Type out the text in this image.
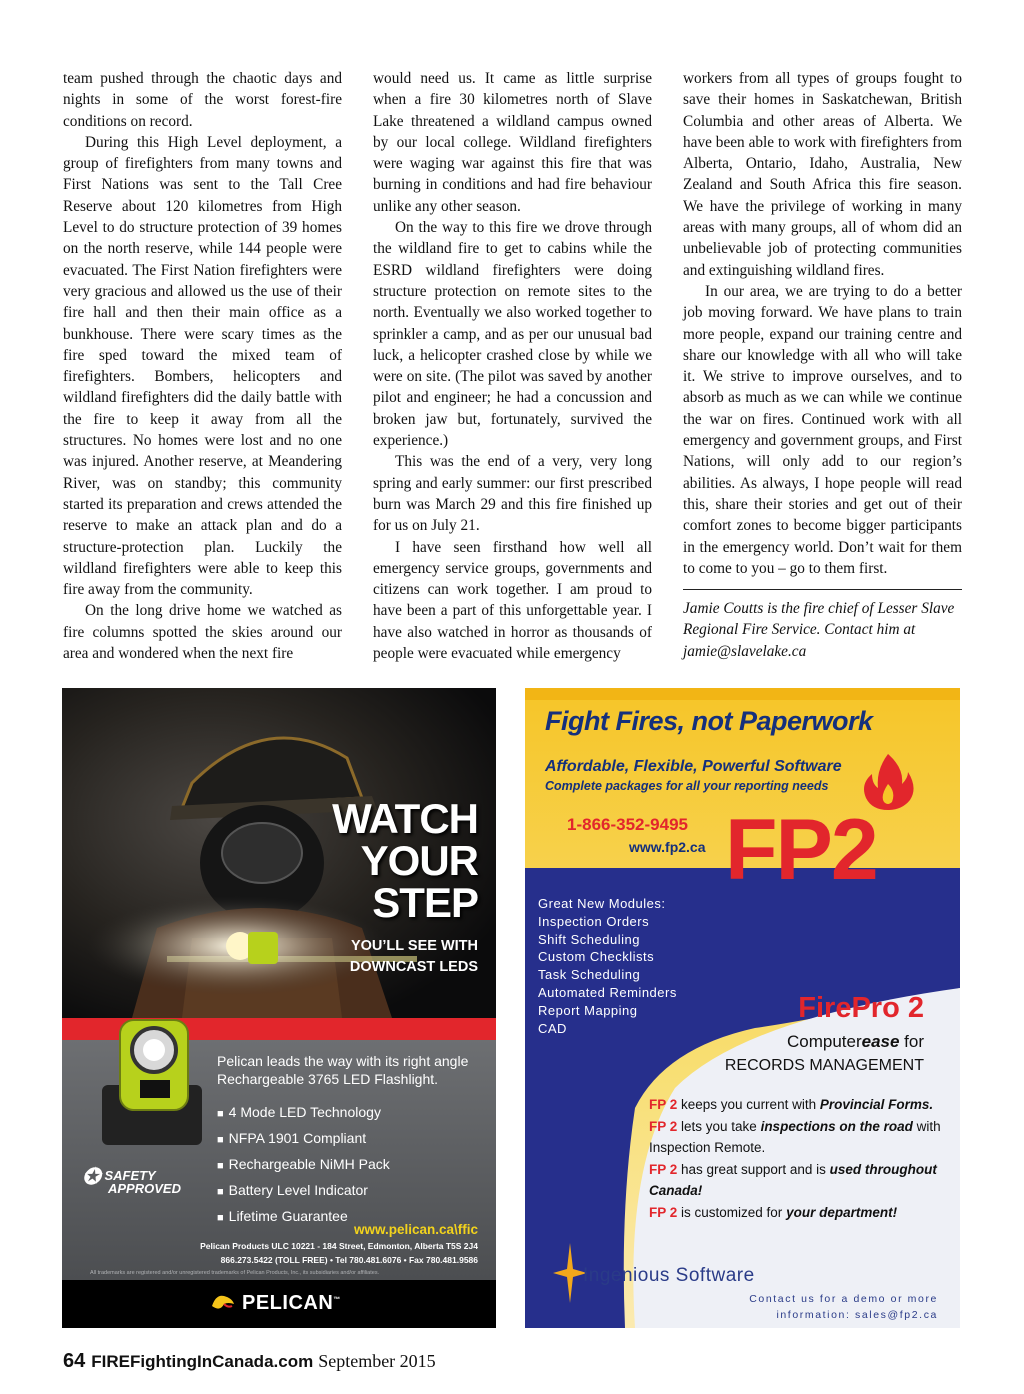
team pushed through the chaotic days and nights in some of the worst forest-fire conditions on record.

During this High Level deployment, a group of firefighters from many towns and First Nations was sent to the Tall Cree Reserve about 120 kilometres from High Level to do structure protection of 39 homes on the north reserve, while 144 people were evacuated. The First Nation firefighters were very gracious and allowed us the use of their fire hall and then their main office as a bunkhouse. There were scary times as the fire sped toward the mixed team of firefighters. Bombers, helicopters and wildland firefighters did the daily battle with the fire to keep it away from all the structures. No homes were lost and no one was injured. Another reserve, at Meandering River, was on standby; this community started its preparation and crews attended the reserve to make an attack plan and do a structure-protection plan. Luckily the wildland firefighters were able to keep this fire away from the community.

On the long drive home we watched as fire columns spotted the skies around our area and wondered when the next fire

would need us. It came as little surprise when a fire 30 kilometres north of Slave Lake threatened a wildland campus owned by our local college. Wildland firefighters were waging war against this fire that was burning in conditions and had fire behaviour unlike any other season.

On the way to this fire we drove through the wildland fire to get to cabins while the ESRD wildland firefighters were doing structure protection on remote sites to the north. Eventually we also worked together to sprinkler a camp, and as per our unusual bad luck, a helicopter crashed close by while we were on site. (The pilot was saved by another pilot and engineer; he had a concussion and broken jaw but, fortunately, survived the experience.)

This was the end of a very, very long spring and early summer: our first prescribed burn was March 29 and this fire finished up for us on July 21.

I have seen firsthand how well all emergency service groups, governments and citizens can work together. I am proud to have been a part of this unforgettable year. I have also watched in horror as thousands of people were evacuated while emergency

workers from all types of groups fought to save their homes in Saskatchewan, British Columbia and other areas of Alberta. We have been able to work with firefighters from Alberta, Ontario, Idaho, Australia, New Zealand and South Africa this fire season. We have the privilege of working in many areas with many groups, all of whom did an unbelievable job of protecting communities and extinguishing wildland fires.

In our area, we are trying to do a better job moving forward. We have plans to train more people, expand our training centre and share our knowledge with all who will take it. We strive to improve ourselves, and to absorb as much as we can while we continue the war on fires. Continued work with all emergency and government groups, and First Nations, will only add to our region’s abilities. As always, I hope people will read this, share their stories and get out of their comfort zones to become bigger participants in the emergency world. Don’t wait for them to come to you – go to them first.

Jamie Coutts is the fire chief of Lesser Slave Regional Fire Service. Contact him at jamie@slavelake.ca

WATCH
YOUR
STEP
YOU’LL SEE WITH
DOWNCAST LEDS
✪ SAFETY
APPROVED
Pelican leads the way with its right angle Rechargeable 3765 LED Flashlight.
■ 4 Mode LED Technology
■ NFPA 1901 Compliant
■ Rechargeable NiMH Pack
■ Battery Level Indicator
■ Lifetime Guarantee
www.pelican.ca\ffic
Pelican Products ULC 10221 - 184 Street, Edmonton, Alberta T5S 2J4
866.273.5422 (TOLL FREE) • Tel 780.481.6076 • Fax 780.481.9586
All trademarks are registered and/or unregistered trademarks of Pelican Products, Inc., its subsidiaries and/or affiliates.
PELICAN™
Fight Fires, not Paperwork
Affordable, Flexible, Powerful Software
Complete packages for all your reporting needs
1-866-352-9495
www.fp2.ca FP2
Great New Modules:
Inspection Orders
Shift Scheduling
Custom Checklists
Task Scheduling
Automated Reminders
Report Mapping
CAD
FirePro 2
Computerease for
RECORDS MANAGEMENT

FP 2 keeps you current with Provincial Forms.

FP 2 lets you take inspections on the road with Inspection Remote.

FP 2 has great support and is used throughout Canada!

FP 2 is customized for your department!

Ingenious Software
Contact us for a demo or more
information: sales@fp2.ca
64 FIREFightingInCanada.com September 2015
